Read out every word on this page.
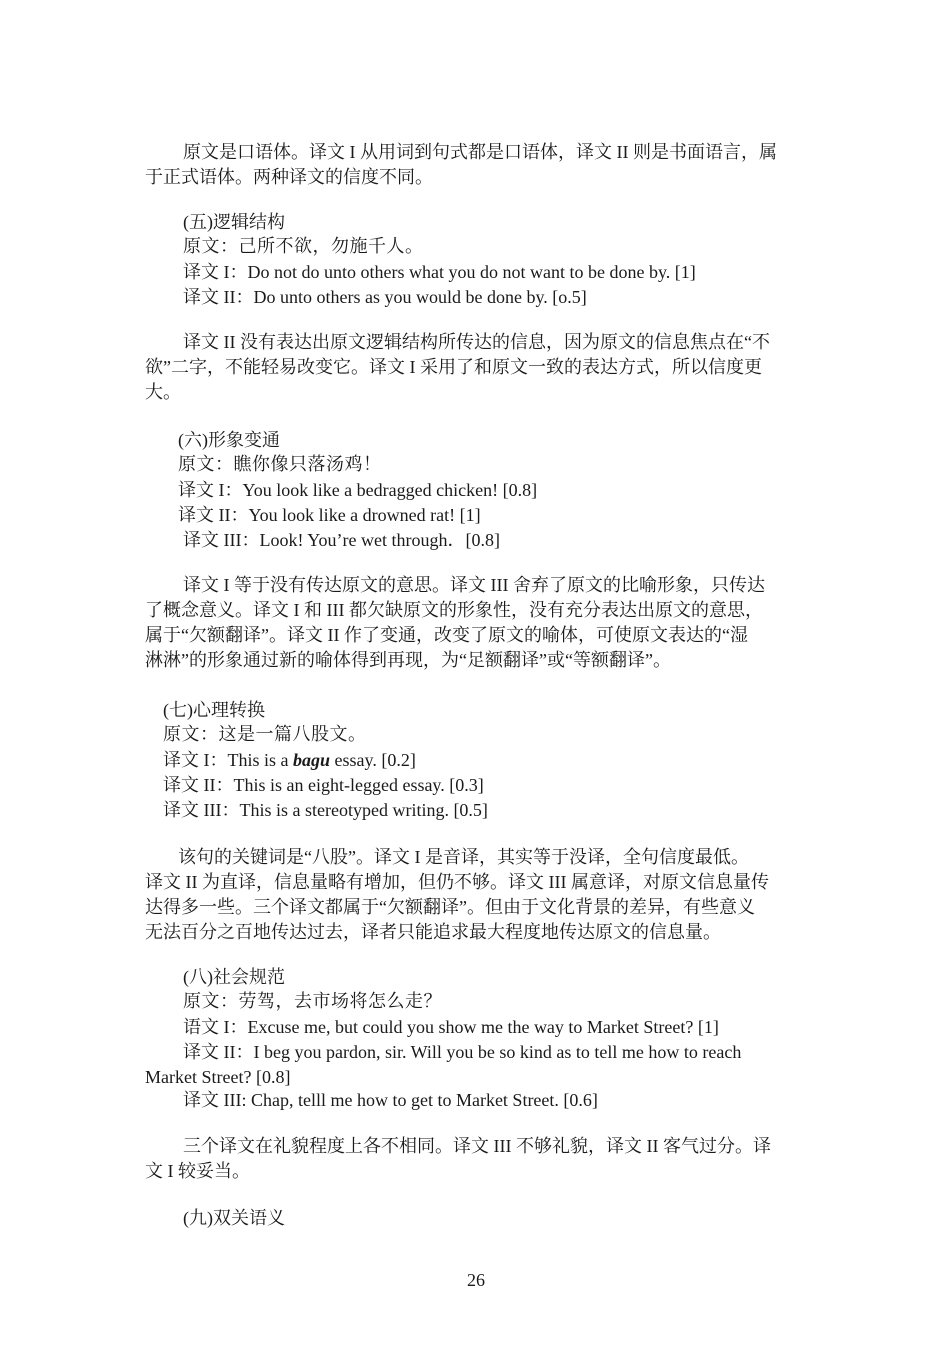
原文是口语体。译文 I 从用词到句式都是口语体，译文 II 则是书面语言，属
于正式语体。两种译文的信度不同。
(五)逻辑结构
原文：己所不欲，勿施千人。
译文 I：Do not do unto others what you do not want to be done by. [1]
译文 II：Do unto others as you would be done by. [o.5]
译文 II 没有表达出原文逻辑结构所传达的信息，因为原文的信息焦点在“不
欲”二字，不能轻易改变它。译文 I 采用了和原文一致的表达方式，所以信度更
大。
(六)形象变通
原文：瞧你像只落汤鸡！
译文 I：You look like a bedragged chicken! [0.8]
译文 II：You look like a drowned rat! [1]
译文 III：Look! You’re wet through．[0.8]
译文 I 等于没有传达原文的意思。译文 III 舍弃了原文的比喻形象，只传达
了概念意义。译文 I 和 III 都欠缺原文的形象性，没有充分表达出原文的意思，
属于“欠额翻译”。译文 II 作了变通，改变了原文的喻体，可使原文表达的“湿
淋淋”的形象通过新的喻体得到再现，为“足额翻译”或“等额翻译”。
(七)心理转换
原文：这是一篇八股文。
译文 I：This is a bagu essay. [0.2]
译文 II：This is an eight-legged essay. [0.3]
译文 III：This is a stereotyped writing. [0.5]
该句的关键词是“八股”。译文 I 是音译，其实等于没译，全句信度最低。
译文 II 为直译，信息量略有增加，但仍不够。译文 III 属意译，对原文信息量传
达得多一些。三个译文都属于“欠额翻译”。但由于文化背景的差异，有些意义
无法百分之百地传达过去，译者只能追求最大程度地传达原文的信息量。
(八)社会规范
原文：劳驾，去市场将怎么走？
语文 I：Excuse me, but could you show me the way to Market Street? [1]
译文 II：I beg you pardon, sir. Will you be so kind as to tell me how to reach
Market Street? [0.8]
译文 III: Chap, telll me how to get to Market Street. [0.6]
三个译文在礼貌程度上各不相同。译文 III 不够礼貌，译文 II 客气过分。译
文 I 较妥当。
(九)双关语义
26
